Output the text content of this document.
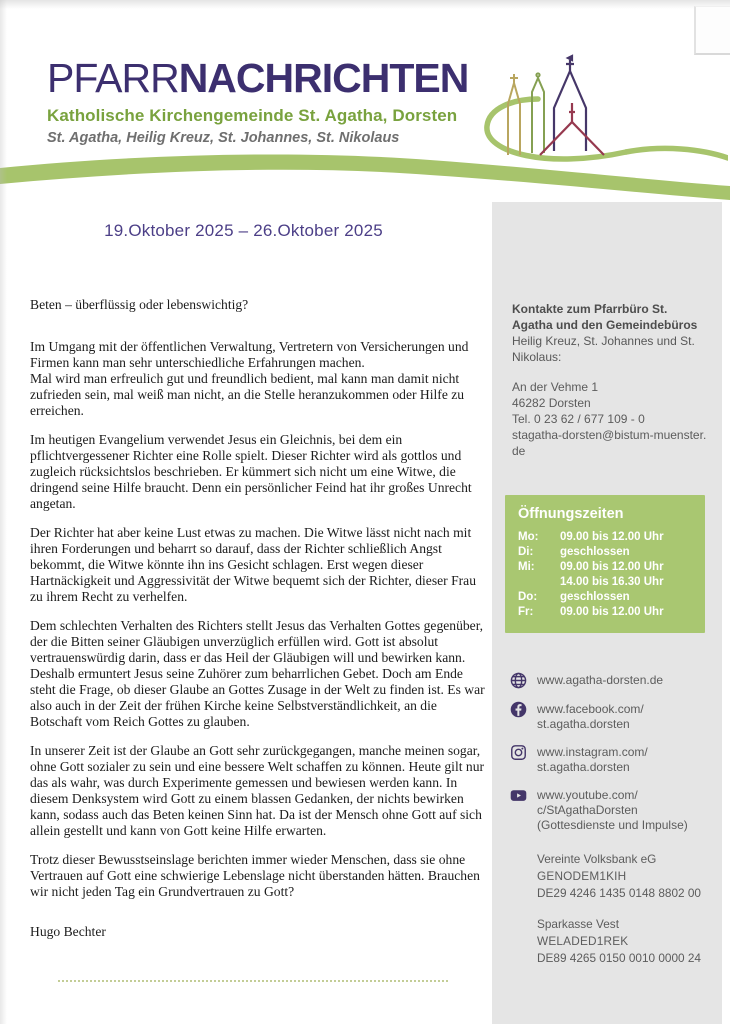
PFARRNACHRICHTEN
Katholische Kirchengemeinde St. Agatha, Dorsten
St. Agatha, Heilig Kreuz, St. Johannes, St. Nikolaus
19.Oktober 2025 – 26.Oktober 2025

Beten – überflüssig oder lebenswichtig?

Im Umgang mit der öffentlichen Verwaltung, Vertretern von Versicherungen und Firmen kann man sehr unterschiedliche Erfahrungen machen.

Mal wird man erfreulich gut und freundlich bedient, mal kann man damit nicht zufrieden sein, mal weiß man nicht, an die Stelle heranzukommen oder Hilfe zu erreichen.

Im heutigen Evangelium verwendet Jesus ein Gleichnis, bei dem ein pflichtvergessener Richter eine Rolle spielt. Dieser Richter wird als gottlos und zugleich rücksichtslos beschrieben. Er kümmert sich nicht um eine Witwe, die dringend seine Hilfe braucht. Denn ein persönlicher Feind hat ihr großes Unrecht angetan.

Der Richter hat aber keine Lust etwas zu machen. Die Witwe lässt nicht nach mit ihren Forderungen und beharrt so darauf, dass der Richter schließlich Angst bekommt, die Witwe könnte ihn ins Gesicht schlagen. Erst wegen dieser Hartnäckigkeit und Aggressivität der Witwe bequemt sich der Richter, dieser Frau zu ihrem Recht zu verhelfen.

Dem schlechten Verhalten des Richters stellt Jesus das Verhalten Gottes gegenüber, der die Bitten seiner Gläubigen unverzüglich erfüllen wird. Gott ist absolut vertrauenswürdig darin, dass er das Heil der Gläubigen will und bewirken kann. Deshalb ermuntert Jesus seine Zuhörer zum beharrlichen Gebet. Doch am Ende steht die Frage, ob dieser Glaube an Gottes Zusage in der Welt zu finden ist. Es war also auch in der Zeit der frühen Kirche keine Selbstverständlichkeit, an die Botschaft vom Reich Gottes zu glauben.

In unserer Zeit ist der Glaube an Gott sehr zurückgegangen, manche meinen sogar, ohne Gott sozialer zu sein und eine bessere Welt schaffen zu können. Heute gilt nur das als wahr, was durch Experimente gemessen und bewiesen werden kann. In diesem Denksystem wird Gott zu einem blassen Gedanken, der nichts bewirken kann, sodass auch das Beten keinen Sinn hat. Da ist der Mensch ohne Gott auf sich allein gestellt und kann von Gott keine Hilfe erwarten.

Trotz dieser Bewusstseinslage berichten immer wieder Menschen, dass sie ohne Vertrauen auf Gott eine schwierige Lebenslage nicht überstanden hätten. Brauchen wir nicht jeden Tag ein Grundvertrauen zu Gott?

Hugo Bechter

Kontakte zum Pfarrbüro St. Agatha und den Gemeindebüros
Heilig Kreuz, St. Johannes und St. Nikolaus:
An der Vehme 1
46282 Dorsten
Tel. 0 23 62 / 677 109 - 0
stagatha-dorsten@bistum-muenster.de
Öffnungszeiten
Mo:	09.00 bis 12.00 Uhr
Di:	geschlossen
Mi:	09.00 bis 12.00 Uhr
14.00 bis 16.30 Uhr
Do:	geschlossen
Fr:	09.00 bis 12.00 Uhr
www.agatha-dorsten.de
www.facebook.com/
st.agatha.dorsten
www.instagram.com/
st.agatha.dorsten
www.youtube.com/
c/StAgathaDorsten
(Gottesdienste und Impulse)
Vereinte Volksbank eG
GENODEM1KIH
DE29 4246 1435 0148 8802 00
Sparkasse Vest
WELADED1REK
DE89 4265 0150 0010 0000 24
